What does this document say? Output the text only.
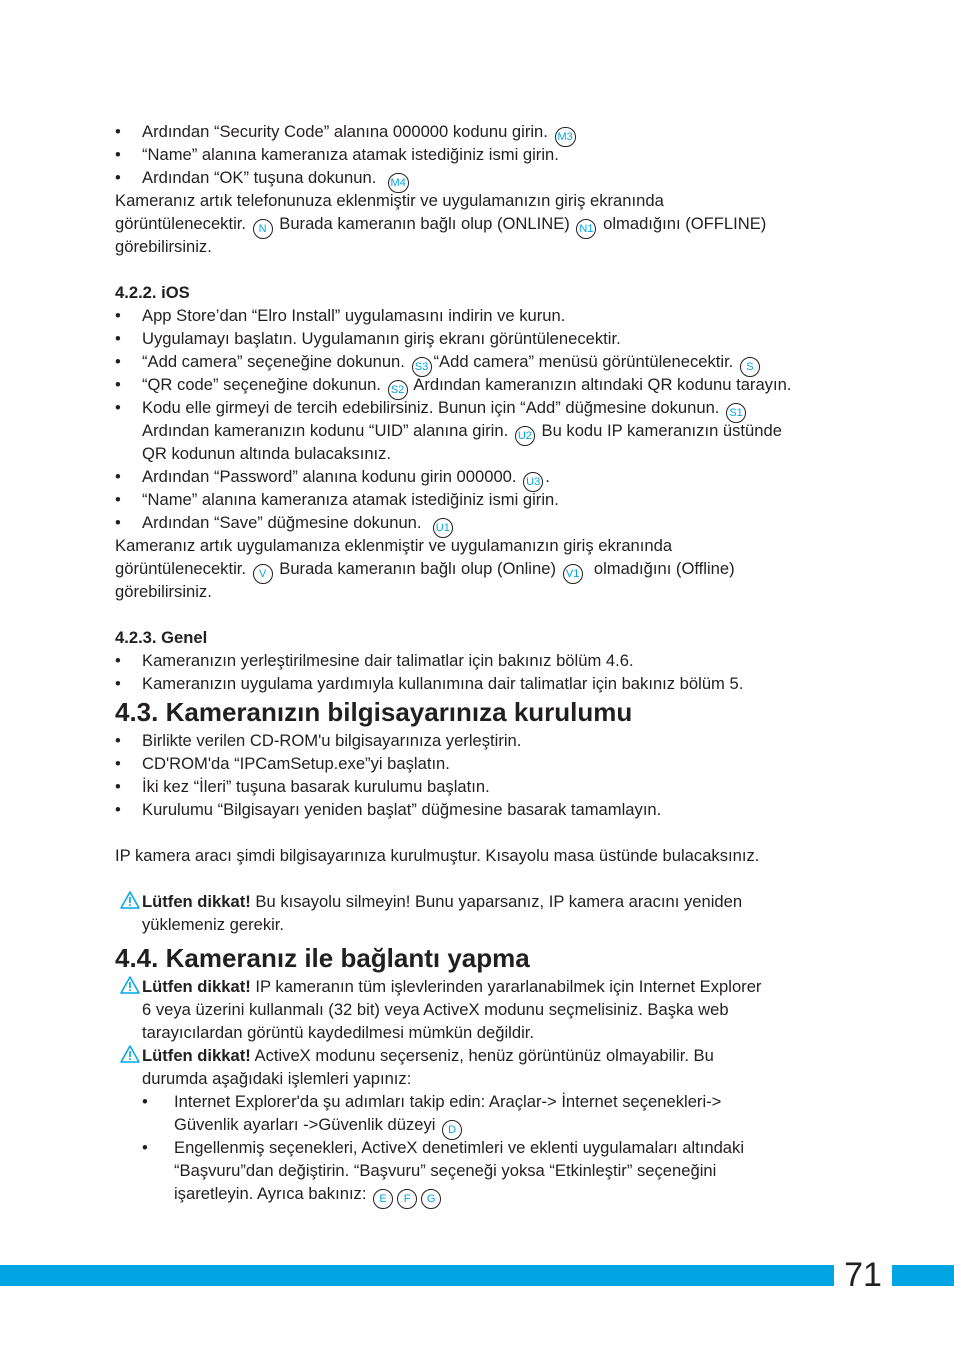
• Ardından “Security Code” alanına 000000 kodunu girin. M3
• “Name” alanına kameranıza atamak istediğiniz ismi girin.
• Ardından “OK” tuşuna dokunun. M4
Kameranız artık telefonunuza eklenmiştir ve uygulamanızın giriş ekranında
görüntülenecektir. N Burada kameranın bağlı olup (ONLINE) N1 olmadığını (OFFLINE)
görebilirsiniz.
4.2.2. iOS
• App Store’dan “Elro Install” uygulamasını indirin ve kurun.
• Uygulamayı başlatın. Uygulamanın giriş ekranı görüntülenecektir.
• “Add camera” seçeneğine dokunun. S3 “Add camera” menüsü görüntülenecektir. S
• “QR code” seçeneğine dokunun. S2 Ardından kameranızın altındaki QR kodunu tarayın.
• Kodu elle girmeyi de tercih edebilirsiniz. Bunun için “Add” düğmesine dokunun. S1
Ardından kameranızın kodunu “UID” alanına girin. U2 Bu kodu IP kameranızın üstünde
QR kodunun altında bulacaksınız.
• Ardından “Password” alanına kodunu girin 000000. U3 .
• “Name” alanına kameranıza atamak istediğiniz ismi girin.
• Ardından “Save” düğmesine dokunun. U1
Kameranız artık uygulamanıza eklenmiştir ve uygulamanızın giriş ekranında
görüntülenecektir. V Burada kameranın bağlı olup (Online) V1 olmadığını (Offline)
görebilirsiniz.
4.2.3. Genel
• Kameranızın yerleştirilmesine dair talimatlar için bakınız bölüm 4.6.
• Kameranızın uygulama yardımıyla kullanımına dair talimatlar için bakınız bölüm 5.
4.3. Kameranızın bilgisayarınıza kurulumu
• Birlikte verilen CD-ROM'u bilgisayarınıza yerleştirin.
• CD'ROM'da “IPCamSetup.exe”yi başlatın.
• İki kez “İleri” tuşuna basarak kurulumu başlatın.
• Kurulumu “Bilgisayarı yeniden başlat” düğmesine basarak tamamlayın.
IP kamera aracı şimdi bilgisayarınıza kurulmuştur. Kısayolu masa üstünde bulacaksınız.
Lütfen dikkat! Bu kısayolu silmeyin! Bunu yaparsanız, IP kamera aracını yeniden
yüklemeniz gerekir.
4.4. Kameranız ile bağlantı yapma
Lütfen dikkat! IP kameranın tüm işlevlerinden yararlanabilmek için Internet Explorer
6 veya üzerini kullanmalı (32 bit) veya ActiveX modunu seçmelisiniz. Başka web
tarayıcılardan görüntü kaydedilmesi mümkün değildir.
Lütfen dikkat! ActiveX modunu seçerseniz, henüz görüntünüz olmayabilir. Bu
durumda aşağıdaki işlemleri yapınız:
• Internet Explorer'da şu adımları takip edin: Araçlar-> İnternet seçenekleri->
Güvenlik ayarları ->Güvenlik düzeyi D
• Engellenmiş seçenekleri, ActiveX denetimleri ve eklenti uygulamaları altındaki
“Başvuru”dan değiştirin. “Başvuru” seçeneği yoksa “Etkinleştir” seçeneğini
işaretleyin. Ayrıca bakınız: E F G
71
